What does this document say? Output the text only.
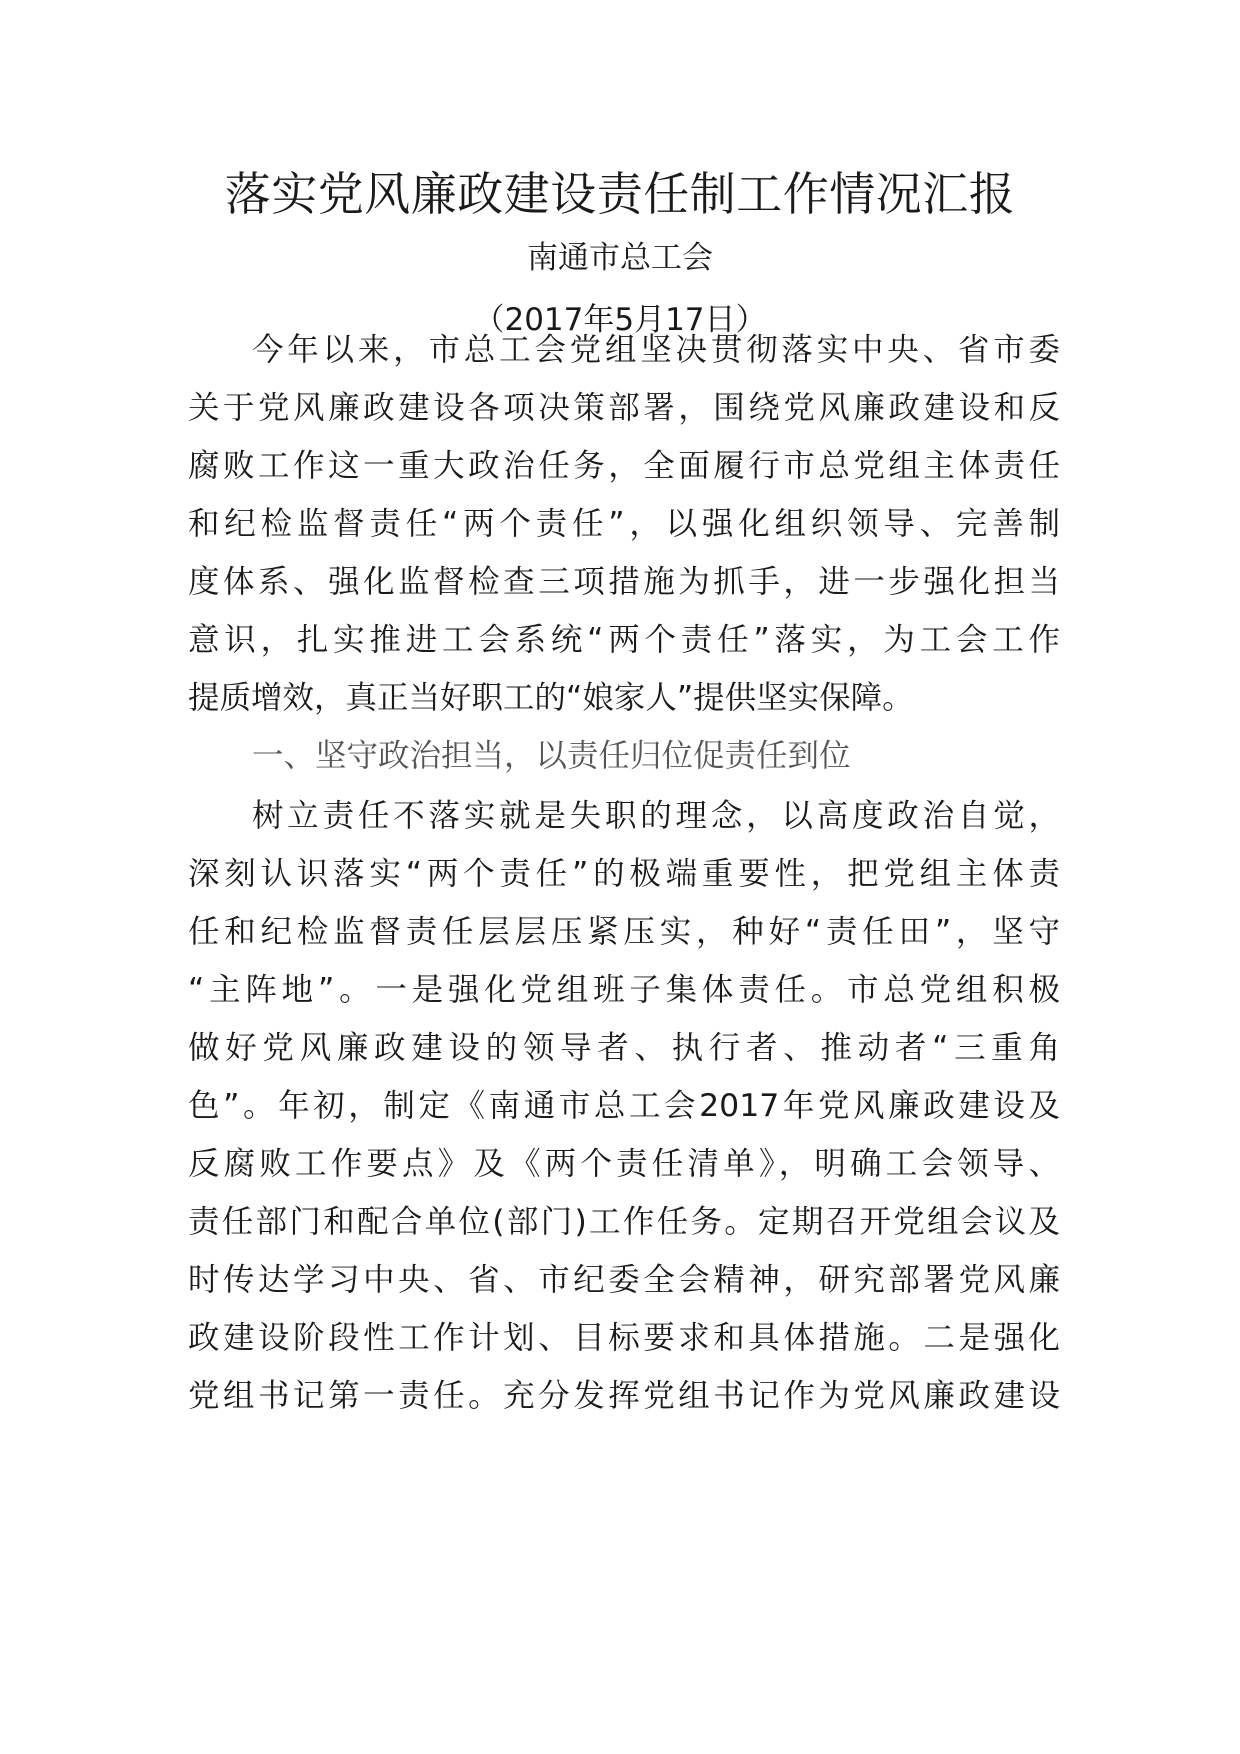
落实党风廉政建设责任制工作情况汇报
南通市总工会
（2017年5月17日）
今年以来，市总工会党组坚决贯彻落实中央、省市委
关于党风廉政建设各项决策部署，围绕党风廉政建设和反
腐败工作这一重大政治任务，全面履行市总党组主体责任
和纪检监督责任“两个责任”，以强化组织领导、完善制
度体系、强化监督检查三项措施为抓手，进一步强化担当
意识，扎实推进工会系统“两个责任”落实，为工会工作
提质增效，真正当好职工的“娘家人”提供坚实保障。
一、坚守政治担当，以责任归位促责任到位
树立责任不落实就是失职的理念，以高度政治自觉，
深刻认识落实“两个责任”的极端重要性，把党组主体责
任和纪检监督责任层层压紧压实，种好“责任田”，坚守
“主阵地”。一是强化党组班子集体责任。市总党组积极
做好党风廉政建设的领导者、执行者、推动者“三重角
色”。年初，制定《南通市总工会2017年党风廉政建设及
反腐败工作要点》及《两个责任清单》，明确工会领导、
责任部门和配合单位(部门)工作任务。定期召开党组会议及
时传达学习中央、省、市纪委全会精神，研究部署党风廉
政建设阶段性工作计划、目标要求和具体措施。二是强化
党组书记第一责任。充分发挥党组书记作为党风廉政建设
